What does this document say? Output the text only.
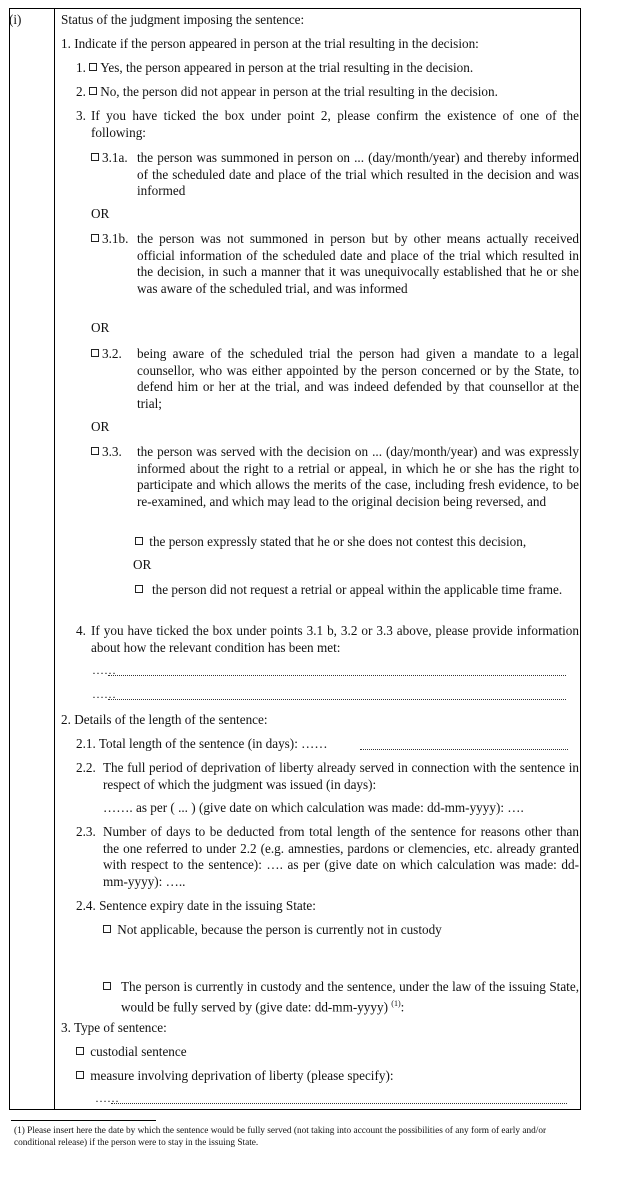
(i)	Status of the judgment imposing the sentence:
1. Indicate if the person appeared in person at the trial resulting in the decision:
1. Yes, the person appeared in person at the trial resulting in the decision.
2. No, the person did not appear in person at the trial resulting in the decision.
3. If you have ticked the box under point 2, please confirm the existence of one of the following:
3.1a. the person was summoned in person on ... (day/month/year) and thereby informed of the scheduled date and place of the trial which resulted in the decision and was informed
OR
3.1b. the person was not summoned in person but by other means actually received official information of the scheduled date and place of the trial which resulted in the decision, in such a manner that it was unequivocally established that he or she was aware of the scheduled trial, and was informed
OR
3.2. being aware of the scheduled trial the person had given a mandate to a legal counsellor, who was either appointed by the person concerned or by the State, to defend him or her at the trial, and was indeed defended by that counsellor at the trial;
OR
3.3. the person was served with the decision on ... (day/month/year) and was expressly informed about the right to a retrial or appeal, in which he or she has the right to participate and which allows the merits of the case, including fresh evidence, to be re-examined, and which may lead to the original decision being reversed, and
the person expressly stated that he or she does not contest this decision,
OR
the person did not request a retrial or appeal within the applicable time frame.
4. If you have ticked the box under points 3.1 b, 3.2 or 3.3 above, please provide information about how the relevant condition has been met:
……
……
2. Details of the length of the sentence:
2.1. Total length of the sentence (in days): ……
2.2. The full period of deprivation of liberty already served in connection with the sentence in respect of which the judgment was issued (in days):
……. as per ( ... ) (give date on which calculation was made: dd-mm-yyyy): ….
2.3. Number of days to be deducted from total length of the sentence for reasons other than the one referred to under 2.2 (e.g. amnesties, pardons or clemencies, etc. already granted with respect to the sentence): …. as per (give date on which calculation was made: dd-mm-yyyy): …..
2.4. Sentence expiry date in the issuing State:
Not applicable, because the person is currently not in custody
The person is currently in custody and the sentence, under the law of the issuing State, would be fully served by (give date: dd-mm-yyyy) $^{(1)}$:
3. Type of sentence:
custodial sentence
measure involving deprivation of liberty (please specify):
……
(1) Please insert here the date by which the sentence would be fully served (not taking into account the possibilities of any form of early and/or conditional release) if the person were to stay in the issuing State.
